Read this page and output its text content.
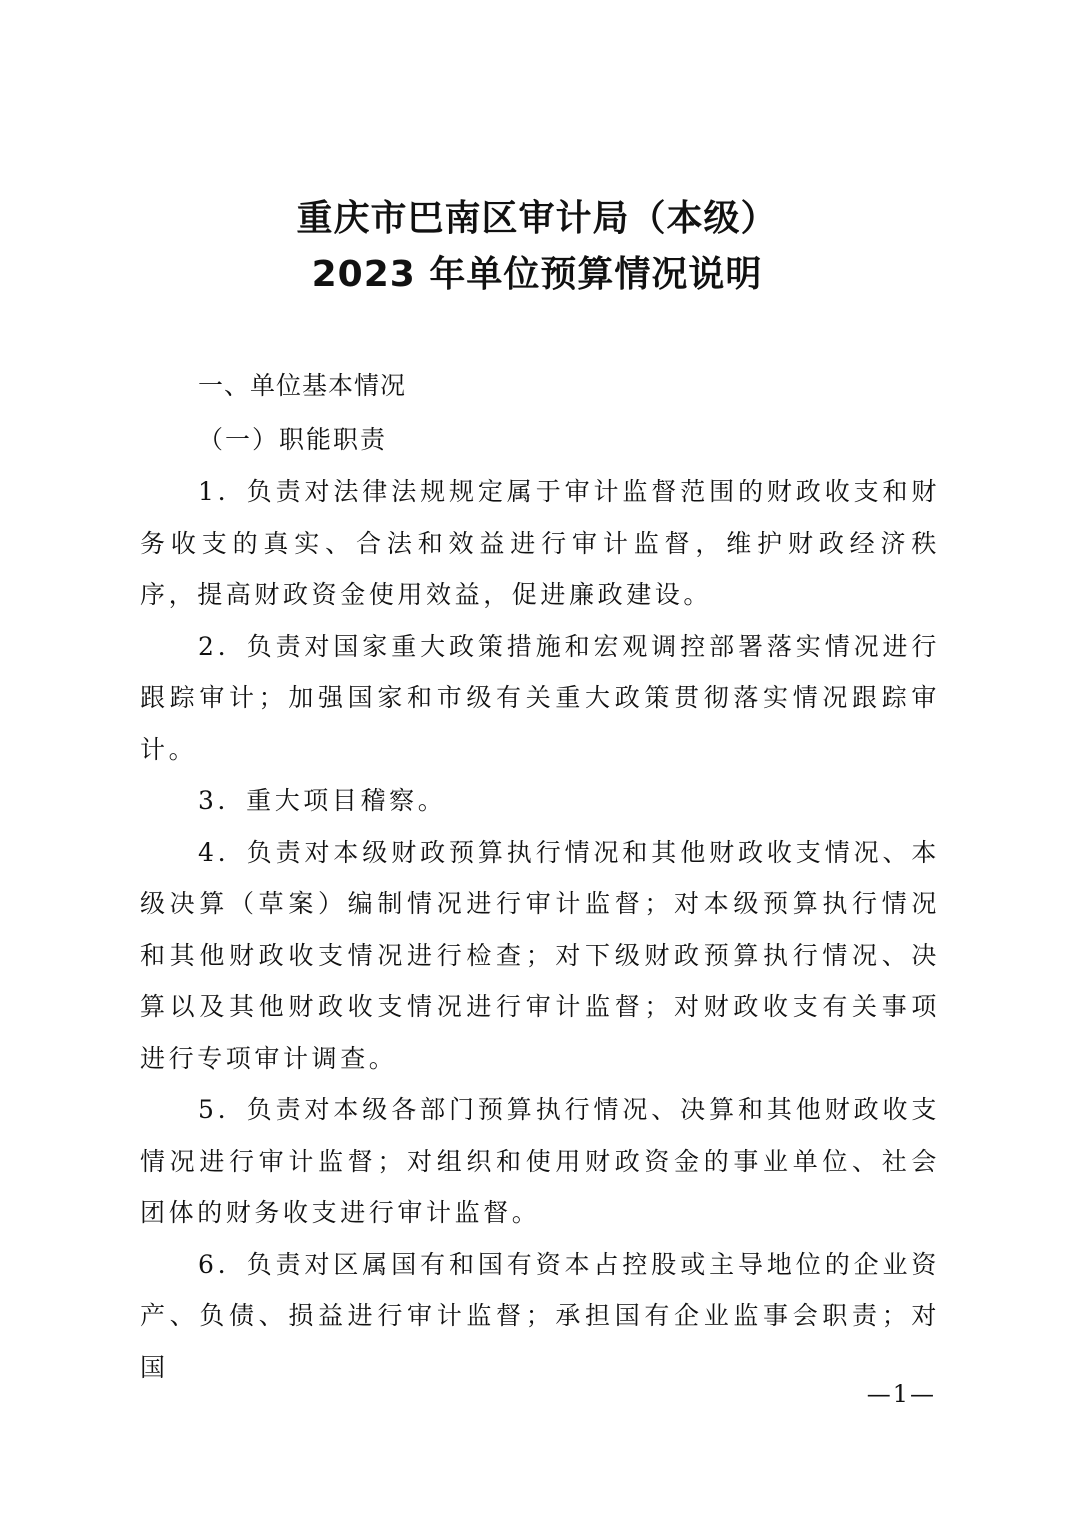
重庆市巴南区审计局（本级）
2023 年单位预算情况说明
一、单位基本情况
（一）职能职责

1．负责对法律法规规定属于审计监督范围的财政收支和财务收支的真实、合法和效益进行审计监督，维护财政经济秩序，提高财政资金使用效益，促进廉政建设。

2．负责对国家重大政策措施和宏观调控部署落实情况进行跟踪审计；加强国家和市级有关重大政策贯彻落实情况跟踪审计。

3．重大项目稽察。

4．负责对本级财政预算执行情况和其他财政收支情况、本级决算（草案）编制情况进行审计监督；对本级预算执行情况和其他财政收支情况进行检查；对下级财政预算执行情况、决算以及其他财政收支情况进行审计监督；对财政收支有关事项进行专项审计调查。

5．负责对本级各部门预算执行情况、决算和其他财政收支情况进行审计监督；对组织和使用财政资金的事业单位、社会团体的财务收支进行审计监督。

6．负责对区属国有和国有资本占控股或主导地位的企业资产、负债、损益进行审计监督；承担国有企业监事会职责；对国

—1—
